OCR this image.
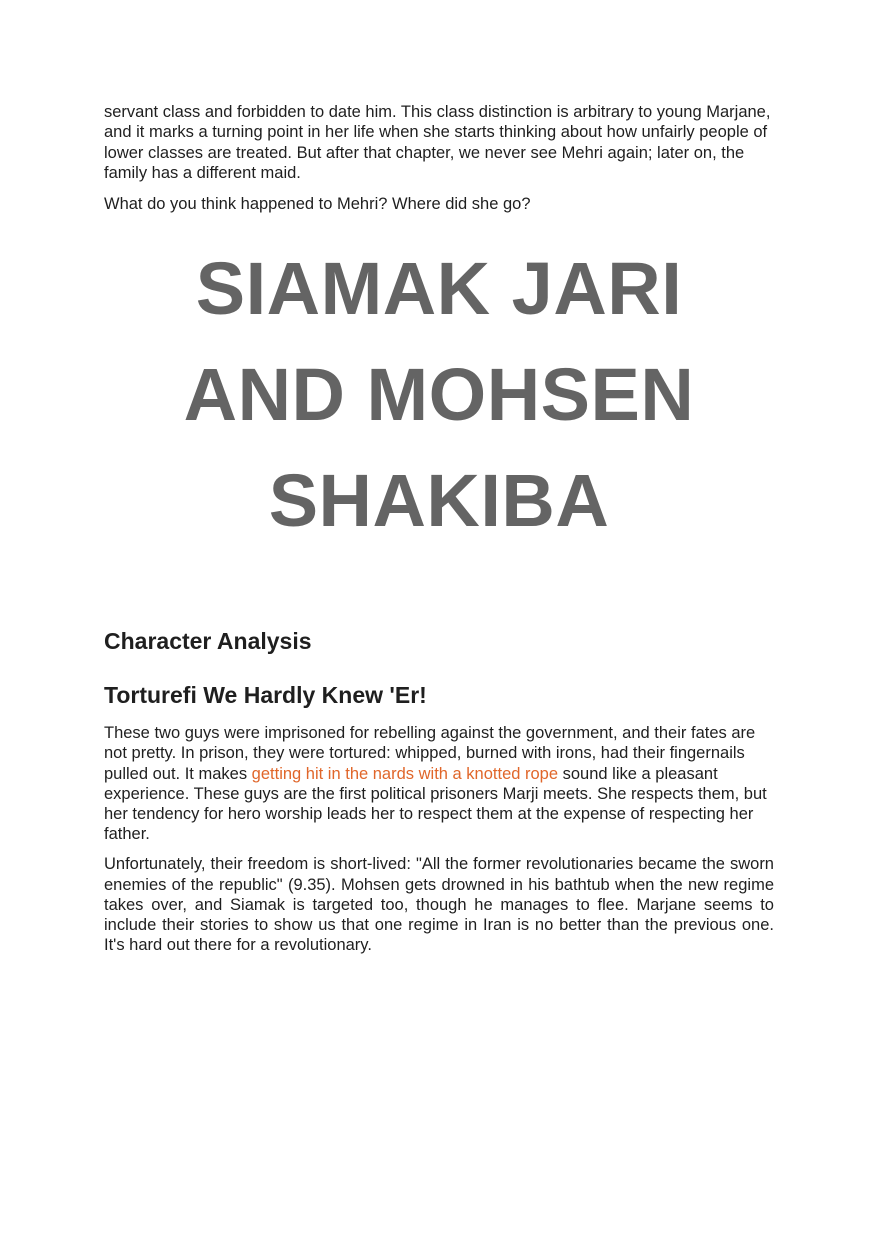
servant class and forbidden to date him. This class distinction is arbitrary to young Marjane, and it marks a turning point in her life when she starts thinking about how unfairly people of lower classes are treated. But after that chapter, we never see Mehri again; later on, the family has a different maid.

What do you think happened to Mehri? Where did she go?

SIAMAK JARI
AND MOHSEN
SHAKIBA
Character Analysis
Torturefi We Hardly Knew 'Er!

These two guys were imprisoned for rebelling against the government, and their fates are not pretty. In prison, they were tortured: whipped, burned with irons, had their fingernails pulled out. It makes getting hit in the nards with a knotted rope sound like a pleasant experience. These guys are the first political prisoners Marji meets. She respects them, but her tendency for hero worship leads her to respect them at the expense of respecting her father.

Unfortunately, their freedom is short-lived: "All the former revolutionaries became the sworn enemies of the republic" (9.35). Mohsen gets drowned in his bathtub when the new regime takes over, and Siamak is targeted too, though he manages to flee. Marjane seems to include their stories to show us that one regime in Iran is no better than the previous one. It's hard out there for a revolutionary.
